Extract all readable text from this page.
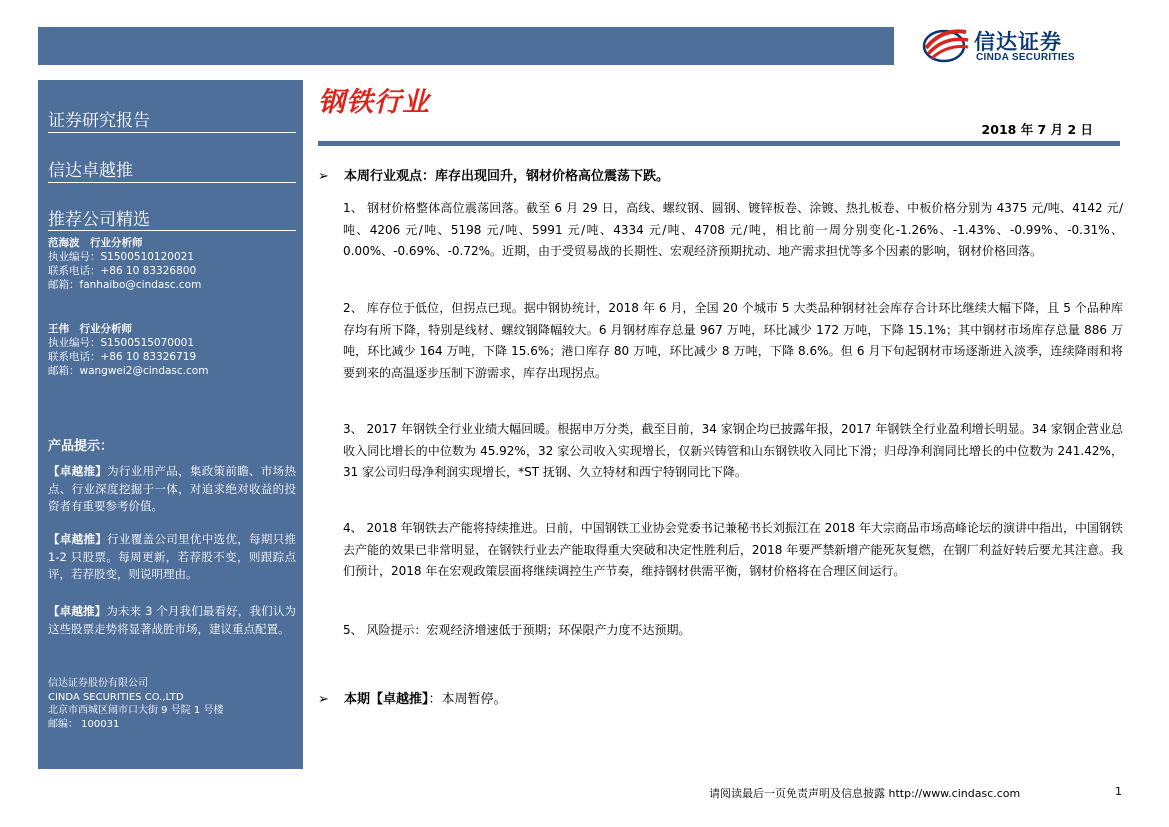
信达证券
CINDA SECURITIES
证券研究报告
信达卓越推
推荐公司精选
范海波　行业分析师
执业编号：S1500510120021
联系电话：+86 10 83326800
邮箱：fanhaibo@cindasc.com
王伟　行业分析师
执业编号：S1500515070001
联系电话：+86 10 83326719
邮箱：wangwei2@cindasc.com
产品提示：
【卓越推】为行业用产品，集政策前瞻、市场热点、行业深度挖掘于一体，对追求绝对收益的投资者有重要参考价值。
【卓越推】行业覆盖公司里优中选优，每期只推 1-2 只股票。每周更新，若荐股不变，则跟踪点评，若荐股变，则说明理由。
【卓越推】为未来 3 个月我们最看好，我们认为这些股票走势将显著战胜市场，建议重点配置。
信达证券股份有限公司
CINDA SECURITIES CO.,LTD
北京市西城区闹市口大街 9 号院 1 号楼
邮编： 100031
钢铁行业
2018 年 7 月 2 日
➢ 本周行业观点：库存出现回升，钢材价格高位震荡下跌。
1、 钢材价格整体高位震荡回落。截至 6 月 29 日，高线、螺纹钢、圆钢、镀锌板卷、涂镀、热扎板卷、中板价格分别为 4375 元/吨、4142 元/吨、4206 元/吨、5198 元/吨、5991 元/吨、4334 元/吨、4708 元/吨，相比前一周分别变化-1.26%、-1.43%、-0.99%、-0.31%、0.00%、-0.69%、-0.72%。近期，由于受贸易战的长期性、宏观经济预期扰动、地产需求担忧等多个因素的影响，钢材价格回落。
2、 库存位于低位，但拐点已现。据中钢协统计，2018 年 6 月，全国 20 个城市 5 大类品种钢材社会库存合计环比继续大幅下降，且 5 个品种库存均有所下降，特别是线材、螺纹钢降幅较大。6 月钢材库存总量 967 万吨，环比减少 172 万吨，下降 15.1%；其中钢材市场库存总量 886 万吨，环比减少 164 万吨，下降 15.6%；港口库存 80 万吨，环比减少 8 万吨，下降 8.6%。但 6 月下旬起钢材市场逐渐进入淡季，连续降雨和将要到来的高温逐步压制下游需求，库存出现拐点。
3、 2017 年钢铁全行业业绩大幅回暖。根据申万分类，截至目前，34 家钢企均已披露年报，2017 年钢铁全行业盈利增长明显。34 家钢企营业总收入同比增长的中位数为 45.92%，32 家公司收入实现增长，仅新兴铸管和山东钢铁收入同比下滑；归母净利润同比增长的中位数为 241.42%，31 家公司归母净利润实现增长，*ST 抚钢、久立特材和西宁特钢同比下降。
4、 2018 年钢铁去产能将持续推进。日前，中国钢铁工业协会党委书记兼秘书长刘振江在 2018 年大宗商品市场高峰论坛的演讲中指出，中国钢铁去产能的效果已非常明显，在钢铁行业去产能取得重大突破和决定性胜利后，2018 年要严禁新增产能死灰复燃，在钢厂利益好转后要尤其注意。我们预计，2018 年在宏观政策层面将继续调控生产节奏，维持钢材供需平衡，钢材价格将在合理区间运行。
5、 风险提示：宏观经济增速低于预期；环保限产力度不达预期。
➢ 本期【卓越推】：本周暂停。
请阅读最后一页免责声明及信息披露 http://www.cindasc.com	1
